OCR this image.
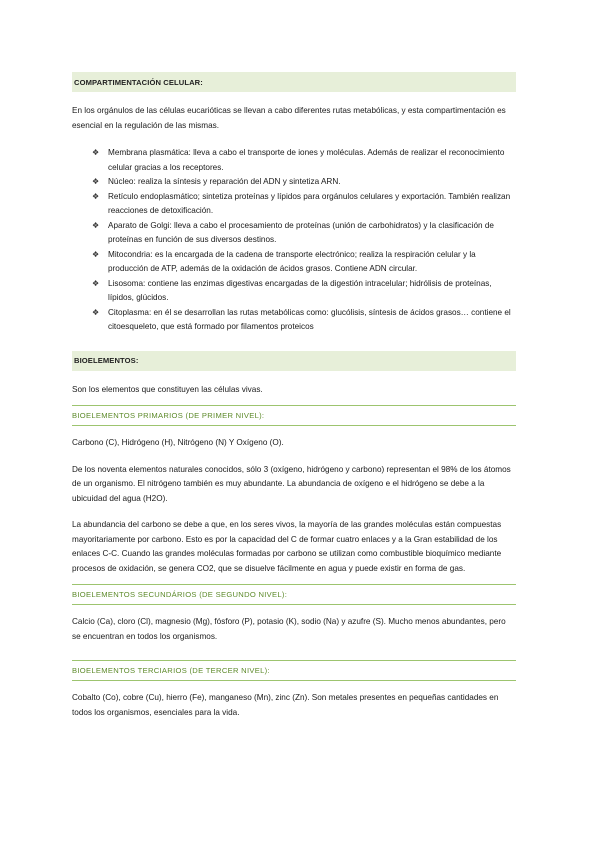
COMPARTIMENTACIÓN CELULAR:

En los orgánulos de las células eucarióticas se llevan a cabo diferentes rutas metabólicas, y esta compartimentación es esencial en la regulación de las mismas.

❖ Membrana plasmática: lleva a cabo el transporte de iones y moléculas. Además de realizar el reconocimiento celular gracias a los receptores.
❖ Núcleo: realiza la síntesis y reparación del ADN y sintetiza ARN.
❖ Retículo endoplasmático; sintetiza proteínas y lípidos para orgánulos celulares y exportación. También realizan reacciones de detoxificación.
❖ Aparato de Golgi: lleva a cabo el procesamiento de proteínas (unión de carbohidratos) y la clasificación de proteínas en función de sus diversos destinos.
❖ Mitocondria: es la encargada de la cadena de transporte electrónico; realiza la respiración celular y la producción de ATP, además de la oxidación de ácidos grasos. Contiene ADN circular.
❖ Lisosoma: contiene las enzimas digestivas encargadas de la digestión intracelular; hidrólisis de proteínas, lípidos, glúcidos.
❖ Citoplasma: en él se desarrollan las rutas metabólicas como: glucólisis, síntesis de ácidos grasos… contiene el citoesqueleto, que está formado por filamentos proteicos
BIOELEMENTOS:

Son los elementos que constituyen las células vivas.

BIOELEMENTOS PRIMARIOS (DE PRIMER NIVEL):

Carbono (C), Hidrógeno (H), Nitrógeno (N) Y Oxígeno (O).

De los noventa elementos naturales conocidos, sólo 3 (oxígeno, hidrógeno y carbono) representan el 98% de los átomos de un organismo. El nitrógeno también es muy abundante. La abundancia de oxígeno e el hidrógeno se debe a la ubicuidad del agua (H2O).

La abundancia del carbono se debe a que, en los seres vivos, la mayoría de las grandes moléculas están compuestas mayoritariamente por carbono. Esto es por la capacidad del C de formar cuatro enlaces y a la Gran estabilidad de los enlaces C-C. Cuando las grandes moléculas formadas por carbono se utilizan como combustible bioquímico mediante procesos de oxidación, se genera CO2, que se disuelve fácilmente en agua y puede existir en forma de gas.

BIOELEMENTOS SECUNDÁRIOS (DE SEGUNDO NIVEL):

Calcio (Ca), cloro (Cl), magnesio (Mg), fósforo (P), potasio (K), sodio (Na) y azufre (S). Mucho menos abundantes, pero se encuentran en todos los organismos.

BIOELEMENTOS TERCIARIOS (DE TERCER NIVEL):

Cobalto (Co), cobre (Cu), hierro (Fe), manganeso (Mn), zinc (Zn). Son metales presentes en pequeñas cantidades en todos los organismos, esenciales para la vida.
